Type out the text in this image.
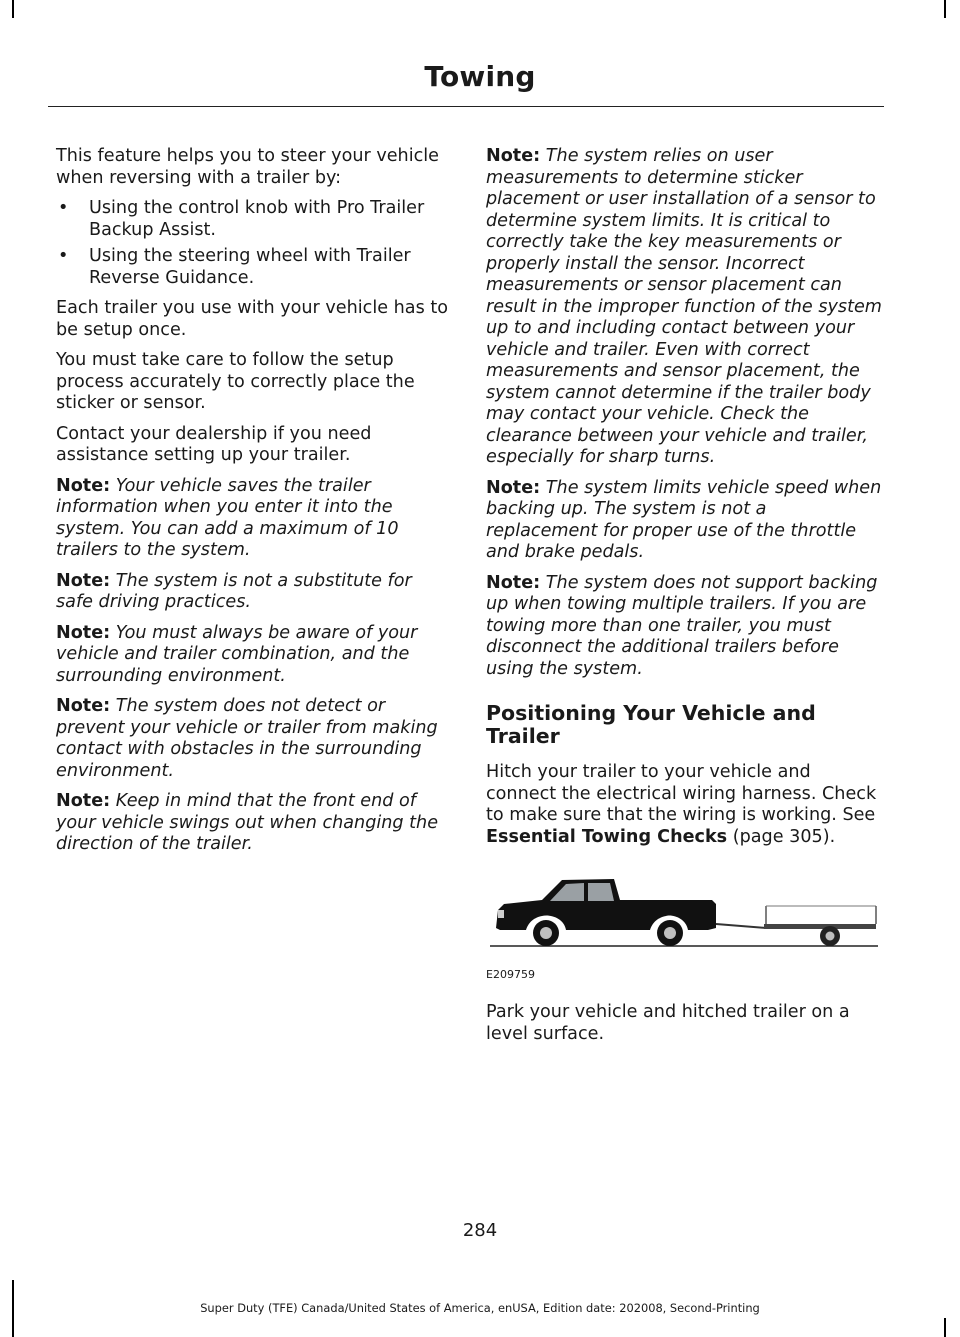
Towing

This feature helps you to steer your vehicle when reversing with a trailer by:

• Using the control knob with Pro Trailer Backup Assist.
• Using the steering wheel with Trailer Reverse Guidance.

Each trailer you use with your vehicle has to be setup once.

You must take care to follow the setup process accurately to correctly place the sticker or sensor.

Contact your dealership if you need assistance setting up your trailer.

Note: Your vehicle saves the trailer information when you enter it into the system. You can add a maximum of 10 trailers to the system.

Note: The system is not a substitute for safe driving practices.

Note: You must always be aware of your vehicle and trailer combination, and the surrounding environment.

Note: The system does not detect or prevent your vehicle or trailer from making contact with obstacles in the surrounding environment.

Note: Keep in mind that the front end of your vehicle swings out when changing the direction of the trailer.

Note: The system relies on user measurements to determine sticker placement or user installation of a sensor to determine system limits. It is critical to correctly take the key measurements or properly install the sensor. Incorrect measurements or sensor placement can result in the improper function of the system up to and including contact between your vehicle and trailer. Even with correct measurements and sensor placement, the system cannot determine if the trailer body may contact your vehicle. Check the clearance between your vehicle and trailer, especially for sharp turns.

Note: The system limits vehicle speed when backing up. The system is not a replacement for proper use of the throttle and brake pedals.

Note: The system does not support backing up when towing multiple trailers. If you are towing more than one trailer, you must disconnect the additional trailers before using the system.

Positioning Your Vehicle and Trailer

Hitch your trailer to your vehicle and connect the electrical wiring harness. Check to make sure that the wiring is working. See Essential Towing Checks (page 305).

E209759

Park your vehicle and hitched trailer on a level surface.

284
Super Duty (TFE) Canada/United States of America, enUSA, Edition date: 202008, Second-Printing
